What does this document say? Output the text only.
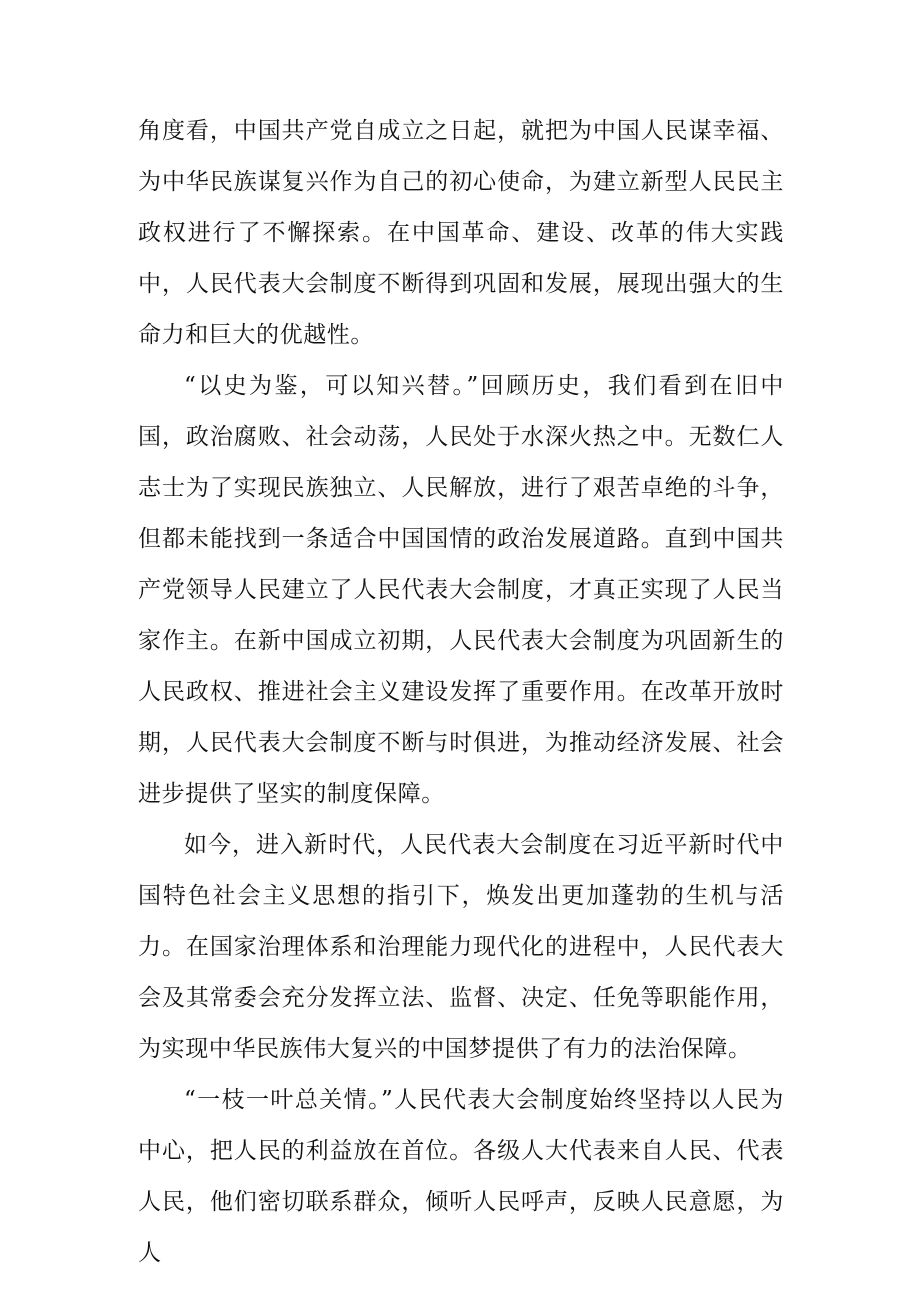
角度看，中国共产党自成立之日起，就把为中国人民谋幸福、为中华民族谋复兴作为自己的初心使命，为建立新型人民民主政权进行了不懈探索。在中国革命、建设、改革的伟大实践中，人民代表大会制度不断得到巩固和发展，展现出强大的生命力和巨大的优越性。

“以史为鉴，可以知兴替。”回顾历史，我们看到在旧中国，政治腐败、社会动荡，人民处于水深火热之中。无数仁人志士为了实现民族独立、人民解放，进行了艰苦卓绝的斗争，但都未能找到一条适合中国国情的政治发展道路。直到中国共产党领导人民建立了人民代表大会制度，才真正实现了人民当家作主。在新中国成立初期，人民代表大会制度为巩固新生的人民政权、推进社会主义建设发挥了重要作用。在改革开放时期，人民代表大会制度不断与时俱进，为推动经济发展、社会进步提供了坚实的制度保障。

如今，进入新时代，人民代表大会制度在习近平新时代中国特色社会主义思想的指引下，焕发出更加蓬勃的生机与活力。在国家治理体系和治理能力现代化的进程中，人民代表大会及其常委会充分发挥立法、监督、决定、任免等职能作用，为实现中华民族伟大复兴的中国梦提供了有力的法治保障。

“一枝一叶总关情。”人民代表大会制度始终坚持以人民为中心，把人民的利益放在首位。各级人大代表来自人民、代表人民，他们密切联系群众，倾听人民呼声，反映人民意愿，为人
